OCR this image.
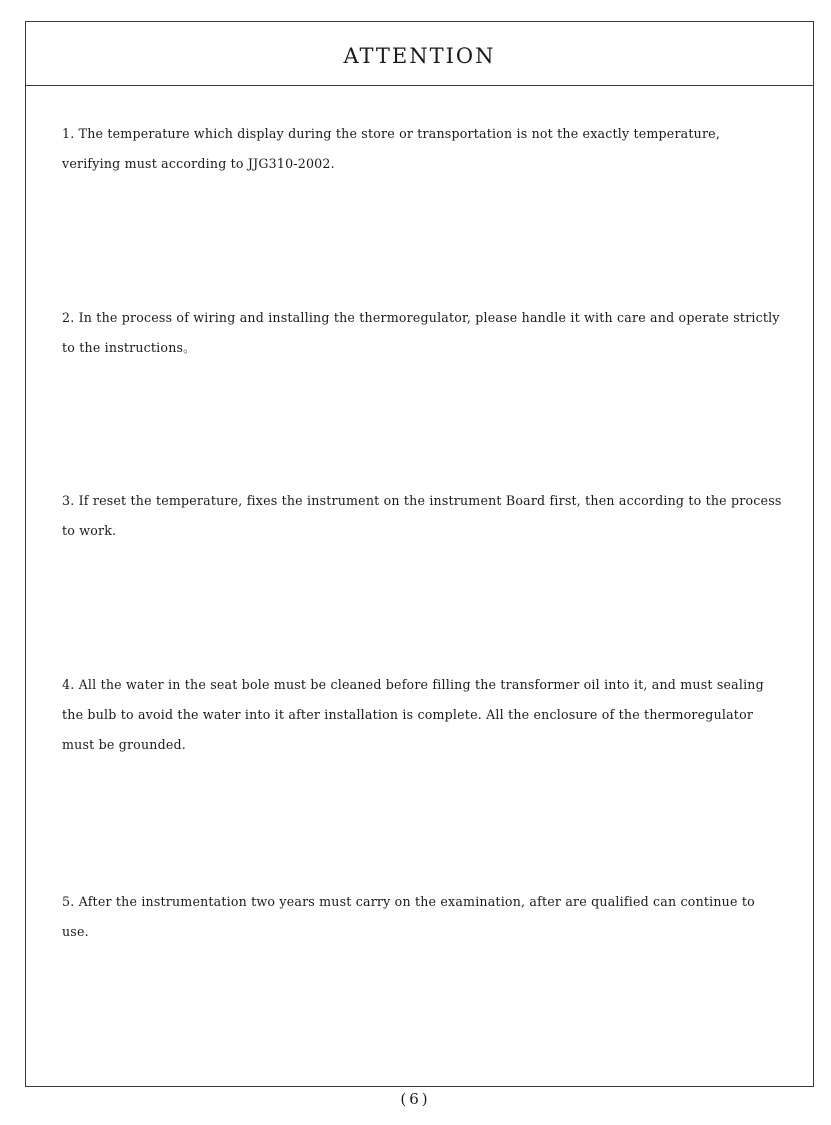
ATTENTION

1. The temperature which display during the store or transportation is not the exactly temperature, verifying must according to JJG310-2002.

2. In the process of wiring and installing the thermoregulator, please handle it with care and operate strictly to the instructions。

3. If reset the temperature, fixes the instrument on the instrument Board first, then according to the process to work.

4. All the water in the seat bole must be cleaned before filling the transformer oil into it, and must sealing the bulb to avoid the water into it after installation is complete. All the enclosure of the thermoregulator must be grounded.

5. After the instrumentation two years must carry on the examination, after are qualified can continue to use.

(6)
